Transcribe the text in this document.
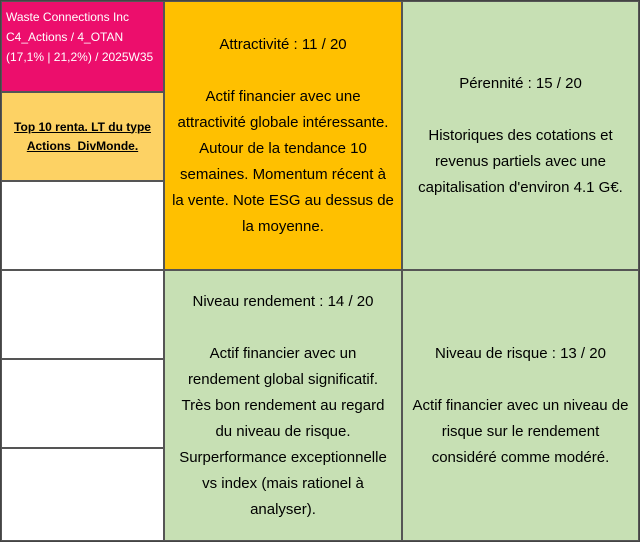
Waste Connections Inc
C4_Actions / 4_OTAN
(17,1% | 21,2%) / 2025W35
Top 10 renta. LT du type
Actions_DivMonde.
Attractivité : 11 / 20
Actif financier avec une
attractivité globale intéressante.
Autour de la tendance 10
semaines. Momentum récent à
la vente. Note ESG au dessus de
la moyenne.
Pérennité : 15 / 20
Historiques des cotations et
revenus partiels avec une
capitalisation d'environ 4.1 G€.
Niveau rendement : 14 / 20
Actif financier avec un
rendement global significatif.
Très bon rendement au regard
du niveau de risque.
Surperformance exceptionnelle
vs index (mais rationel à
analyser).
Niveau de risque : 13 / 20
Actif financier avec un niveau de
risque sur le rendement
considéré comme modéré.
